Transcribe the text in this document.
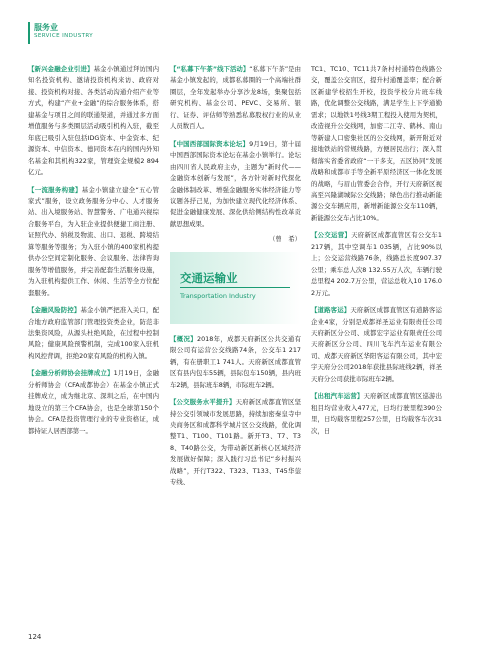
服务业
SERVICE INDUSTRY

【新兴金融企业引进】基金小镇通过拜访国内知名投资机构、邀请投资机构来访、政府对接、投资机构对接、各类活动沟通介绍产业等方式，构建“产业+金融”的综合服务体系，搭建基金与项目之间的联通渠道，并通过多方面增值服务与多类圈层活动吸引机构入驻，截至年底已吸引入驻包括IDG资本、中金资本、纪源资本、中信资本、德同资本在内的国内外知名基金和其机构322家，管理资金规模2 894亿元。

【一流服务构建】基金小镇建立建全“五心管家式”服务，设立政务服务分中心、人才服务站、出入境服务站、智慧警务、广电通兴视综合服务平台，为入驻企业提供便捷工商注册、证照代办、纳税及物流、出口、退税、跨境结算等服务等服务；为入驻小镇的400家机构提供办公空间定制化服务、会议服务、法律咨询服务等增值服务，并完善配套生活服务设施，为入驻机构提供工作、休闲、生活等全方位配套服务。

【金融风险防控】基金小镇严把准入关口，配合地方政府监管部门管理投资类企业，防范非法集资风险，从源头杜绝风险，在过程中控制风险；健康风险预警机制，完成100家入驻机构风控背调，拒绝20家有风险的机构入镇。

【金融分析师协会挂牌成立】1月19日，金融分析师协会（CFA成都协会）在基金小镇正式挂牌成立，成为继北京、深圳之后，在中国内地设立的第三个CFA协会，也是全球第150个协会。CFA是投资管理行业的专业资格证，成都持证人居西部第一。

【“私募下午茶”线下活动】“私募下午茶”是由基金小镇发起的，成都私募圈的一个高端社群圈层，全年发起举办分享沙龙8场，集聚包括研究机构、基金公司、PEVC、交易所、银行、证券、评估师等熟悉私募股权行业的从业人员数百人。

【中国西部国际资本论坛】9月19日，第十届中国西部国际资本论坛在基金小镇举行。论坛由四川省人民政府主办，主题为“新时代——金融资本创新与发展”，各方针对新时代探化金融体制改革、增强金融服务实体经济能力等议题各抒己见，为加快建立现代化经济体系、促进金融健康发展、深化供给侧结构性改革贡献思想成果。

（曾　希）
交通运输业
Transportation Industry

【概况】2018年，成都天府新区公共交通有限公司有运营公交线路74条，公交车1 217辆，有在册职工1 741人。天府新区成都直管区有县内包车55辆，县际包车150辆，县内班车2辆，县际班车8辆，市际班车2辆。

【公交服务水平提升】天府新区成都直管区坚持公交引领城市发展思路，持续加密秦皇寺中央商务区和成都科学城片区公交线路，优化调整T1、T100、T101路。新开T3、T7、T38、T40路公交，为带动新区新核心区域经济发展做好保障；深入践行习总书记“乡村振兴战略”，开行T322、T323、T133、T45华蓥专线、

TC1、TC10、TC11共7条村村通特色线路公交，覆盖公交盲区，提升村通覆盖率；配合新区新建学校招生开校，投资学校分片班车线路，优化调整公交线路，满足学生上下学通勤需求；以地铁1号线3期工程投入使用为契机，改造视升公交线网，加密二江寺、鹤林、南山等新建人口密集社区的公交线网，新开附近对接地铁站的常规线路，方便居民出行；深入贯彻落实省委省政府“一干多支，五区协同”发展战略和成都市手等全新平原经济区一体化发展的战略，与眉山管委会合作，开行天府新区视高至兴隆湖城际公交线路；绿色出行推动新能源公交车辆应用，新增新能源公交车110辆，新能源公交车占比10%。

【公交运营】天府新区成都直管区有公交车1 217辆，其中空调车1 035辆，占比90%以上；公交运营线路76条，线路总长度907.37公里；乘车总人次8 132.55万人次，车辆行驶总里程4 202.7万公里，营运总收入10 176.02万元。

【道路客运】天府新区成都直管区有道路客运企业4家，分别是成都祥圣运业有限责任公司天府新区分公司、成都宏宇运业有限责任公司天府新区分公司、四川飞车汽车运业有限公司、成都天府新区华阳客运有限公司，其中宏宇天府分公司2018年获批县际班线2辆，祥圣天府分公司获批市际班车2辆。

【出租汽车运营】天府新区成都直管区巡游出租目均营业收入477元，日均行驶里程390公里，日均载客里程257公里，日均载客车次31次，日

124
